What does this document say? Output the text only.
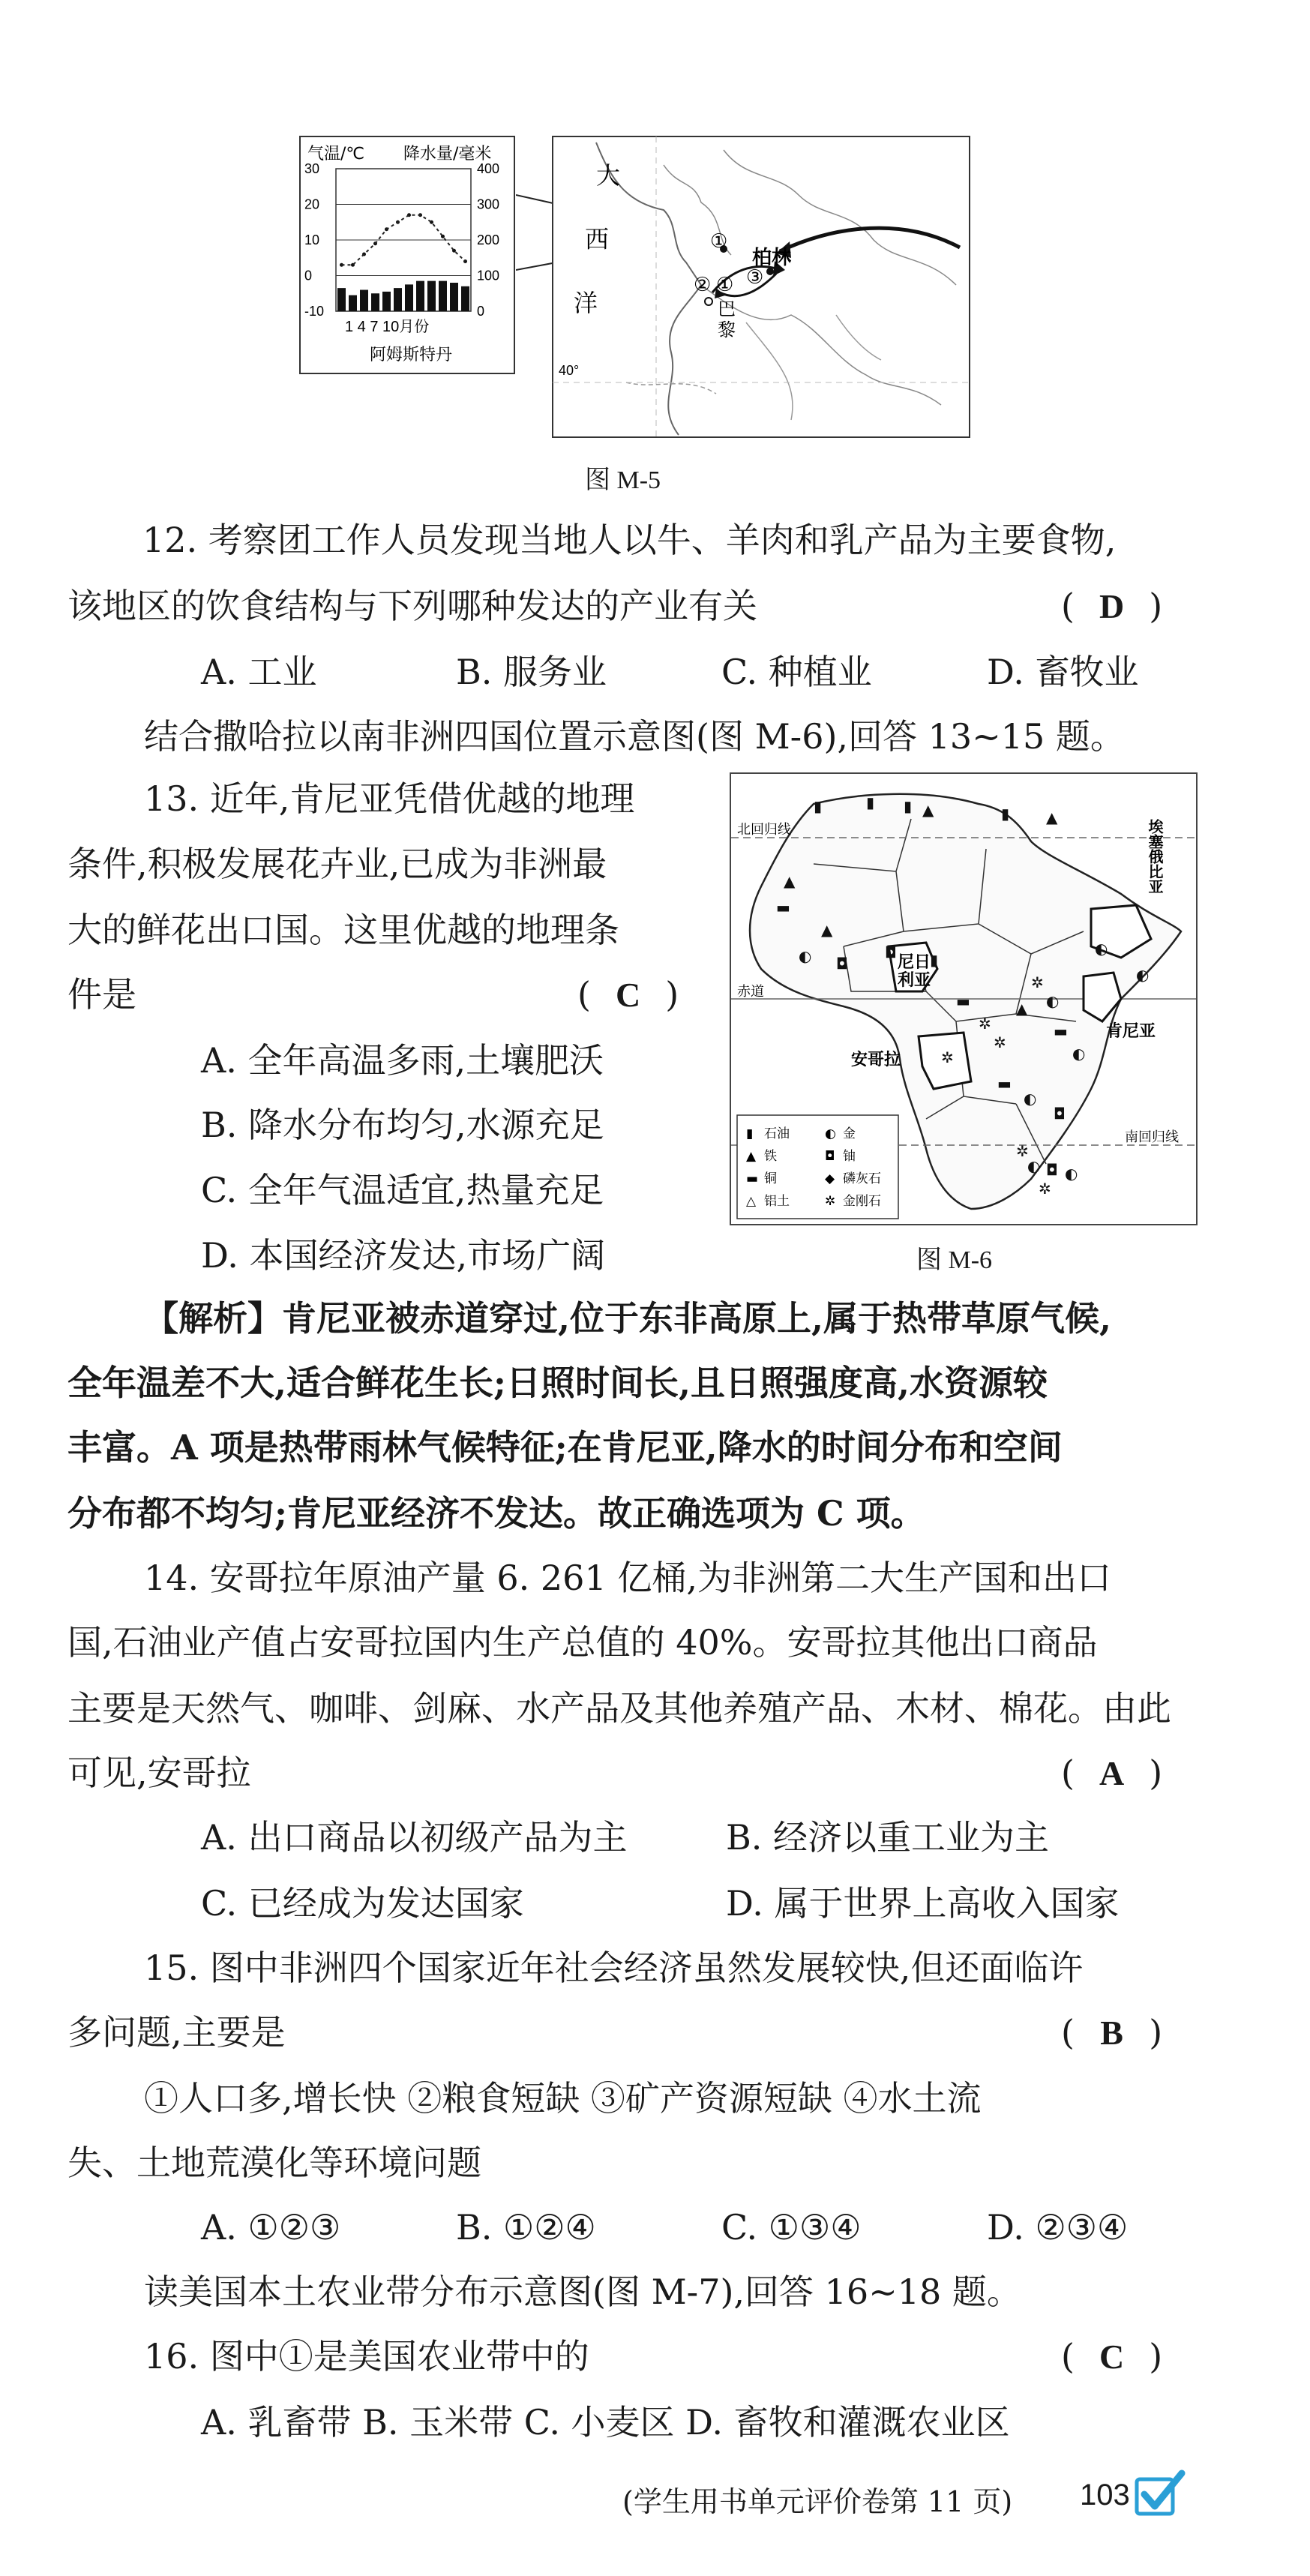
气温/℃ 降水量/毫米
30
20
10
0
-10
400
300
200
100
0
1 4 7 10月份
阿姆斯特丹
大
西
洋
40°
①
② ① ③
柏林
巴
黎
图 M-5
12. 考察团工作人员发现当地人以牛、羊肉和乳产品为主要食物,
该地区的饮食结构与下列哪种发达的产业有关	( D )
A. 工业	B. 服务业	C. 种植业	D. 畜牧业
结合撒哈拉以南非洲四国位置示意图(图 M-6),回答 13~15 题。
13. 近年,肯尼亚凭借优越的地理
条件,积极发展花卉业,已成为非洲最
大的鲜花出口国。这里优越的地理条
件是	( C )
A. 全年高温多雨,土壤肥沃
B. 降水分布均匀,水源充足
C. 全年气温适宜,热量充足
D. 本国经济发达,市场广阔
北回归线
赤道
南回归线
尼日
利亚
肯尼亚
安哥拉
埃塞俄比亚
▮	▮ ▮ ▲	▮ ▲
▲
▬
▲
◐ ◘
◘ ▮
▬
✲
✲
▲
✲
◐
◐
◐
▬
◐
▬
◐
◘
✲
◐ ◘ ◐
✲
✲
▮ 石油	◐ 金
▲ 铁	◘ 铀
▬ 铜	◆ 磷灰石
△ 铝土	✲ 金刚石
图 M-6
【解析】肯尼亚被赤道穿过,位于东非高原上,属于热带草原气候,
全年温差不大,适合鲜花生长;日照时间长,且日照强度高,水资源较
丰富。A 项是热带雨林气候特征;在肯尼亚,降水的时间分布和空间
分布都不均匀;肯尼亚经济不发达。故正确选项为 C 项。
14. 安哥拉年原油产量 6. 261 亿桶,为非洲第二大生产国和出口
国,石油业产值占安哥拉国内生产总值的 40%。安哥拉其他出口商品
主要是天然气、咖啡、剑麻、水产品及其他养殖产品、木材、棉花。由此
可见,安哥拉	( A )
A. 出口商品以初级产品为主	B. 经济以重工业为主
C. 已经成为发达国家	D. 属于世界上高收入国家
15. 图中非洲四个国家近年社会经济虽然发展较快,但还面临许
多问题,主要是	( B )
①人口多,增长快 ②粮食短缺 ③矿产资源短缺 ④水土流
失、土地荒漠化等环境问题
A. ①②③	B. ①②④	C. ①③④	D. ②③④
读美国本土农业带分布示意图(图 M-7),回答 16~18 题。
16. 图中①是美国农业带中的	( C )
A. 乳畜带 B. 玉米带 C. 小麦区 D. 畜牧和灌溉农业区
(学生用书单元评价卷第 11 页) 103
